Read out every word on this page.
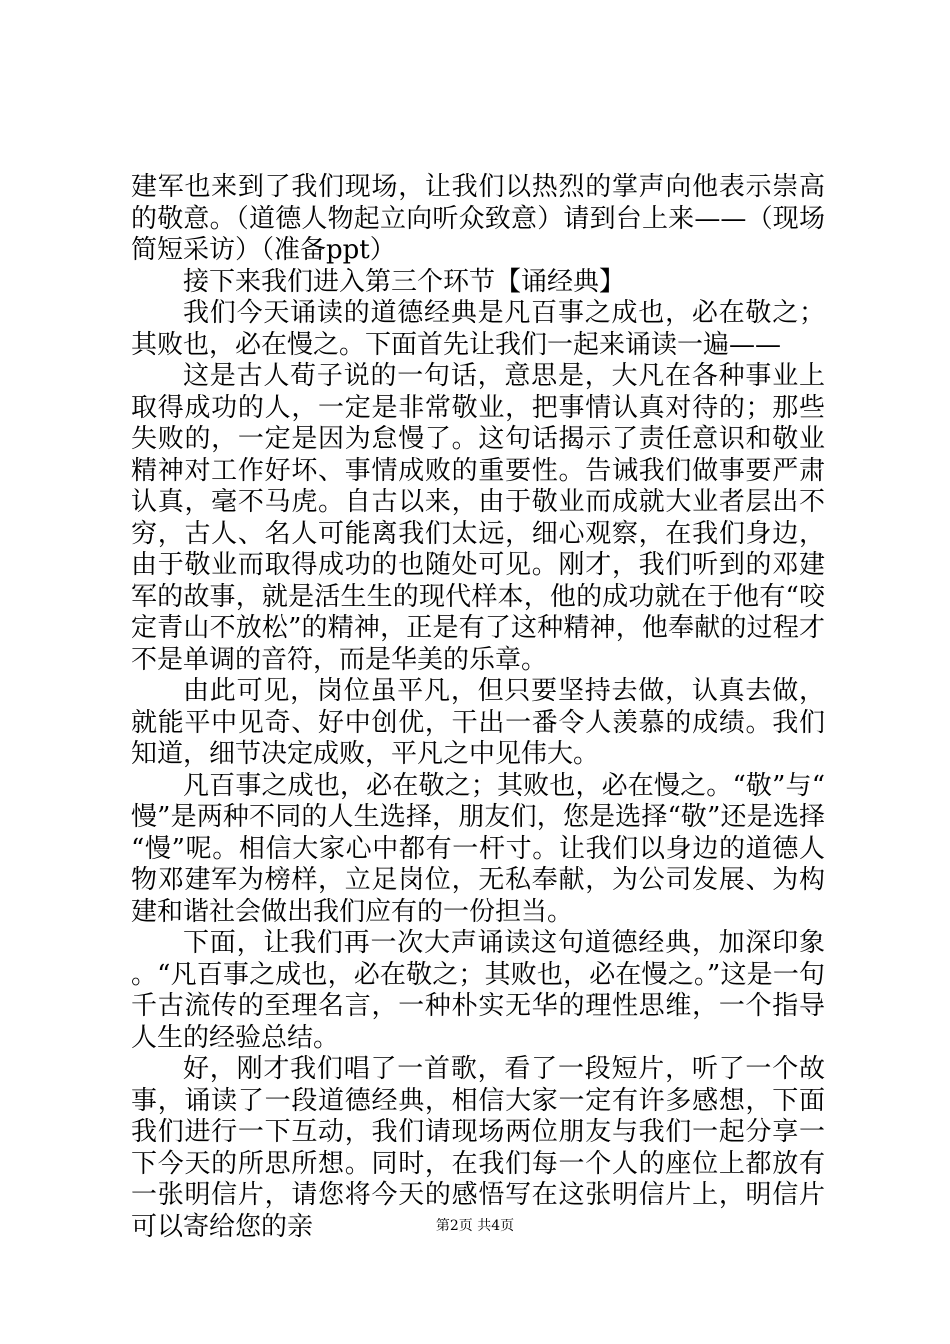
建军也来到了我们现场，让我们以热烈的掌声向他表示崇高的敬意。（道德人物起立向听众致意）请到台上来——（现场简短采访）（准备ppt）

接下来我们进入第三个环节【诵经典】

我们今天诵读的道德经典是凡百事之成也，必在敬之；其败也，必在慢之。下面首先让我们一起来诵读一遍——

这是古人荀子说的一句话，意思是，大凡在各种事业上取得成功的人，一定是非常敬业，把事情认真对待的；那些失败的，一定是因为怠慢了。这句话揭示了责任意识和敬业精神对工作好坏、事情成败的重要性。告诫我们做事要严肃认真，毫不马虎。自古以来，由于敬业而成就大业者层出不穷，古人、名人可能离我们太远，细心观察，在我们身边，由于敬业而取得成功的也随处可见。刚才，我们听到的邓建军的故事，就是活生生的现代样本，他的成功就在于他有“咬定青山不放松”的精神，正是有了这种精神，他奉献的过程才不是单调的音符，而是华美的乐章。

由此可见，岗位虽平凡，但只要坚持去做，认真去做，就能平中见奇、好中创优，干出一番令人羡慕的成绩。我们知道，细节决定成败，平凡之中见伟大。

凡百事之成也，必在敬之；其败也，必在慢之。“敬”与“慢”是两种不同的人生选择，朋友们，您是选择“敬”还是选择“慢”呢。相信大家心中都有一杆寸。让我们以身边的道德人物邓建军为榜样，立足岗位，无私奉献，为公司发展、为构建和谐社会做出我们应有的一份担当。

下面，让我们再一次大声诵读这句道德经典，加深印象。“凡百事之成也，必在敬之；其败也，必在慢之。”这是一句千古流传的至理名言，一种朴实无华的理性思维，一个指导人生的经验总结。

好，刚才我们唱了一首歌，看了一段短片，听了一个故事，诵读了一段道德经典，相信大家一定有许多感想，下面我们进行一下互动，我们请现场两位朋友与我们一起分享一下今天的所思所想。同时，在我们每一个人的座位上都放有一张明信片，请您将今天的感悟写在这张明信片上，明信片可以寄给您的亲	第2页 共4页
